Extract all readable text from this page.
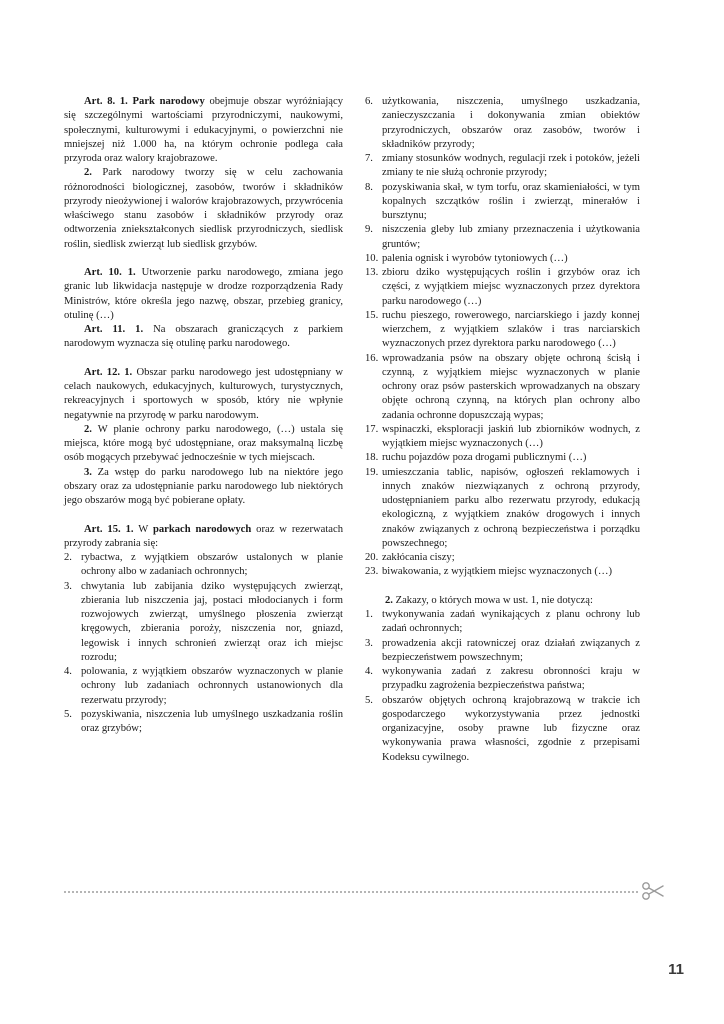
Art. 8. 1. Park narodowy obejmuje obszar wyróżniający się szczególnymi wartościami przyrodniczymi, naukowymi, społecznymi, kulturowymi i edukacyjnymi, o powierzchni nie mniejszej niż 1.000 ha, na którym ochronie podlega cała przyroda oraz walory krajobrazowe.

2. Park narodowy tworzy się w celu zachowania różnorodności biologicznej, zasobów, tworów i składników przyrody nieożywionej i walorów krajobrazowych, przywrócenia właściwego stanu zasobów i składników przyrody oraz odtworzenia zniekształconych siedlisk przyrodniczych, siedlisk roślin, siedlisk zwierząt lub siedlisk grzybów.

Art. 10. 1. Utworzenie parku narodowego, zmiana jego granic lub likwidacja następuje w drodze rozporządzenia Rady Ministrów, które określa jego nazwę, obszar, przebieg granicy, otulinę (…)

Art. 11. 1. Na obszarach graniczących z parkiem narodowym wyznacza się otulinę parku narodowego.

Art. 12. 1. Obszar parku narodowego jest udostępniany w celach naukowych, edukacyjnych, kulturowych, turystycznych, rekreacyjnych i sportowych w sposób, który nie wpłynie negatywnie na przyrodę w parku narodowym.

2. W planie ochrony parku narodowego, (…) ustala się miejsca, które mogą być udostępniane, oraz maksymalną liczbę osób mogących przebywać jednocześnie w tych miejscach.

3. Za wstęp do parku narodowego lub na niektóre jego obszary oraz za udostępnianie parku narodowego lub niektórych jego obszarów mogą być pobierane opłaty.

Art. 15. 1. W parkach narodowych oraz w rezerwatach przyrody zabrania się:

2. rybactwa, z wyjątkiem obszarów ustalonych w planie ochrony albo w zadaniach ochronnych;
3. chwytania lub zabijania dziko występujących zwierząt, zbierania lub niszczenia jaj, postaci młodocianych i form rozwojowych zwierząt, umyślnego płoszenia zwierząt kręgowych, zbierania poroży, niszczenia nor, gniazd, legowisk i innych schronień zwierząt oraz ich miejsc rozrodu;
4. polowania, z wyjątkiem obszarów wyznaczonych w planie ochrony lub zadaniach ochronnych ustanowionych dla rezerwatu przyrody;
5. pozyskiwania, niszczenia lub umyślnego uszkadzania roślin oraz grzybów;
6. użytkowania, niszczenia, umyślnego uszkadzania, zanieczyszczania i dokonywania zmian obiektów przyrodniczych, obszarów oraz zasobów, tworów i składników przyrody;
7. zmiany stosunków wodnych, regulacji rzek i potoków, jeżeli zmiany te nie służą ochronie przyrody;
8. pozyskiwania skał, w tym torfu, oraz skamieniałości, w tym kopalnych szczątków roślin i zwierząt, minerałów i bursztynu;
9. niszczenia gleby lub zmiany przeznaczenia i użytkowania gruntów;
10. palenia ognisk i wyrobów tytoniowych (…)
13. zbioru dziko występujących roślin i grzybów oraz ich części, z wyjątkiem miejsc wyznaczonych przez dyrektora parku narodowego (…)
15. ruchu pieszego, rowerowego, narciarskiego i jazdy konnej wierzchem, z wyjątkiem szlaków i tras narciarskich wyznaczonych przez dyrektora parku narodowego (…)
16. wprowadzania psów na obszary objęte ochroną ścisłą i czynną, z wyjątkiem miejsc wyznaczonych w planie ochrony oraz psów pasterskich wprowadzanych na obszary objęte ochroną czynną, na których plan ochrony albo zadania ochronne dopuszczają wypas;
17. wspinaczki, eksploracji jaskiń lub zbiorników wodnych, z wyjątkiem miejsc wyznaczonych (…)
18. ruchu pojazdów poza drogami publicznymi (…)
19. umieszczania tablic, napisów, ogłoszeń reklamowych i innych znaków niezwiązanych z ochroną przyrody, udostępnianiem parku albo rezerwatu przyrody, edukacją ekologiczną, z wyjątkiem znaków drogowych i innych znaków związanych z ochroną bezpieczeństwa i porządku powszechnego;
20. zakłócania ciszy;
23. biwakowania, z wyjątkiem miejsc wyznaczonych (…)

2. Zakazy, o których mowa w ust. 1, nie dotyczą:

1. twykonywania zadań wynikających z planu ochrony lub zadań ochronnych;
3. prowadzenia akcji ratowniczej oraz działań związanych z bezpieczeństwem powszechnym;
4. wykonywania zadań z zakresu obronności kraju w przypadku zagrożenia bezpieczeństwa państwa;
5. obszarów objętych ochroną krajobrazową w trakcie ich gospodarczego wykorzystywania przez jednostki organizacyjne, osoby prawne lub fizyczne oraz wykonywania prawa własności, zgodnie z przepisami Kodeksu cywilnego.
11
